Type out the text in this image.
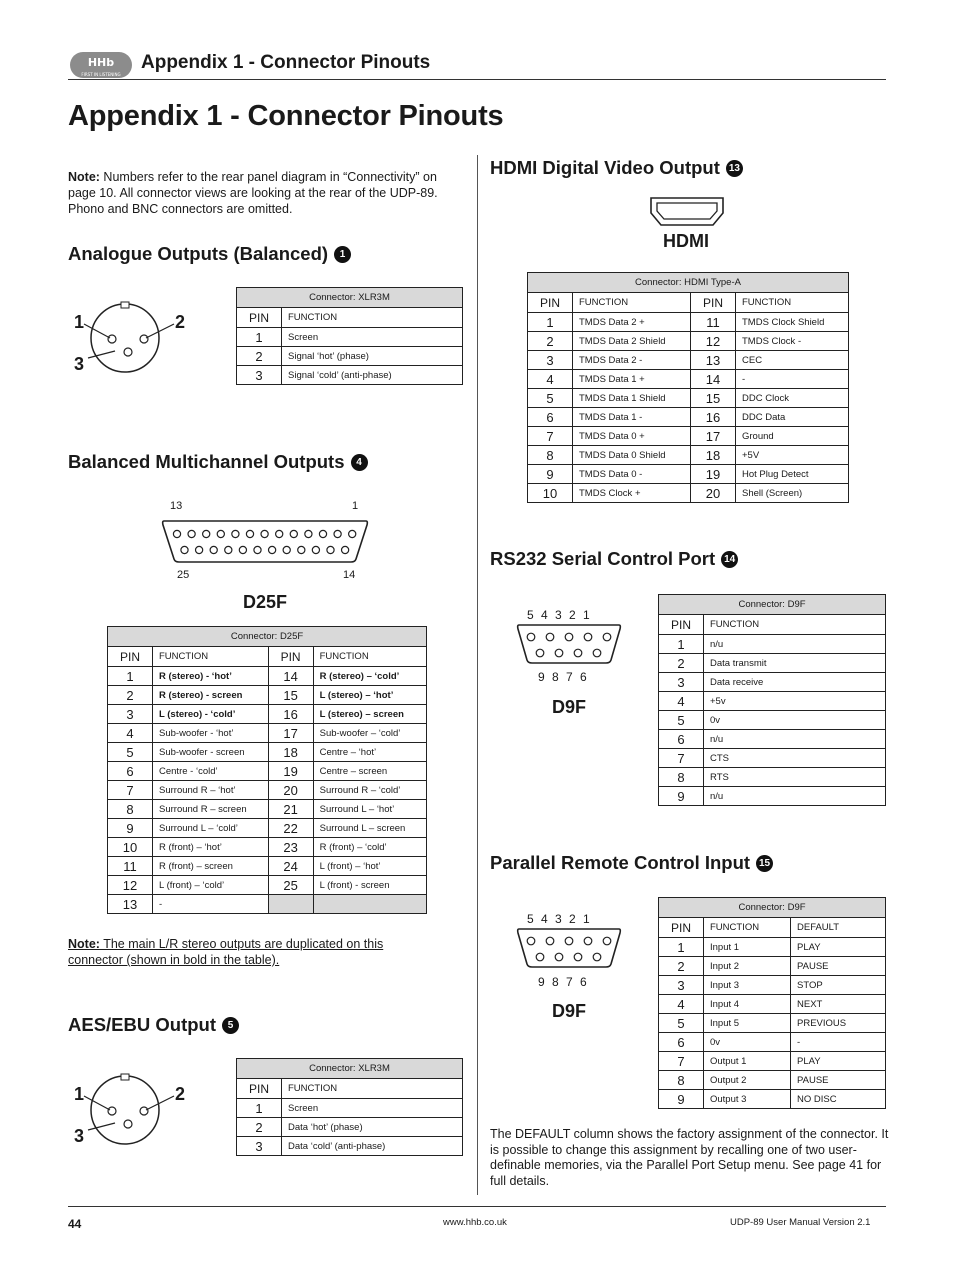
HHb
FIRST IN LISTENING
Appendix 1 - Connector Pinouts
Appendix 1 - Connector Pinouts
Note: Numbers refer to the rear panel diagram in “Connectivity” on page 10. All connector views are looking at the rear of the UDP-89. Phono and BNC connectors are omitted.
Analogue Outputs (Balanced) 1
1	2
3
Connector: XLR3M	
PIN	FUNCTION
1	Screen
2	Signal ‘hot’ (phase)
3	Signal ‘cold’ (anti-phase)
Balanced Multichannel Outputs 4
13	1
25	14
D25F
Connector: D25F			
PIN	FUNCTION	PIN	FUNCTION
1	R (stereo) - ‘hot’	14	R (stereo) – ‘cold’
2	R (stereo) - screen	15	L (stereo) – ‘hot’
3	L (stereo) - ‘cold’	16	L (stereo) – screen
4	Sub-woofer - ‘hot’	17	Sub-woofer – ‘cold’
5	Sub-woofer - screen	18	Centre – ‘hot’
6	Centre - ‘cold’	19	Centre – screen
7	Surround R – ‘hot’	20	Surround R – ‘cold’
8	Surround R – screen	21	Surround L – ‘hot’
9	Surround L – ‘cold’	22	Surround L – screen
10	R (front) – ‘hot’	23	R (front) – ‘cold’
11	R (front) – screen	24	L (front) – ‘hot’
12	L (front) – ‘cold’	25	L (front) - screen
13	-		
Note: The main L/R stereo outputs are duplicated on this connector (shown in bold in the table).
AES/EBU Output 5
1	2
3
Connector: XLR3M	
PIN	FUNCTION
1	Screen
2	Data ‘hot’ (phase)
3	Data ‘cold’ (anti-phase)
HDMI Digital Video Output 13
HDMI
Connector: HDMI Type-A			
PIN	FUNCTION	PIN	FUNCTION
1	TMDS Data 2 +	11	TMDS Clock Shield
2	TMDS Data 2 Shield	12	TMDS Clock -
3	TMDS Data 2 -	13	CEC
4	TMDS Data 1 +	14	-
5	TMDS Data 1 Shield	15	DDC Clock
6	TMDS Data 1 -	16	DDC Data
7	TMDS Data 0 +	17	Ground
8	TMDS Data 0 Shield	18	+5V
9	TMDS Data 0 -	19	Hot Plug Detect
10	TMDS Clock +	20	Shell (Screen)
RS232 Serial Control Port 14
5 4 3 2 1
9 8 7 6
D9F
Connector: D9F	
PIN	FUNCTION
1	n/u
2	Data transmit
3	Data receive
4	+5v
5	0v
6	n/u
7	CTS
8	RTS
9	n/u
Parallel Remote Control Input 15
5 4 3 2 1
9 8 7 6
D9F
Connector: D9F		
PIN	FUNCTION	DEFAULT
1	Input 1	PLAY
2	Input 2	PAUSE
3	Input 3	STOP
4	Input 4	NEXT
5	Input 5	PREVIOUS
6	0v	-
7	Output 1	PLAY
8	Output 2	PAUSE
9	Output 3	NO DISC
The DEFAULT column shows the factory assignment of the connector. It is possible to change this assignment by recalling one of two user-definable memories, via the Parallel Port Setup menu. See page 41 for full details.
44	www.hhb.co.uk	UDP-89 User Manual Version 2.1
